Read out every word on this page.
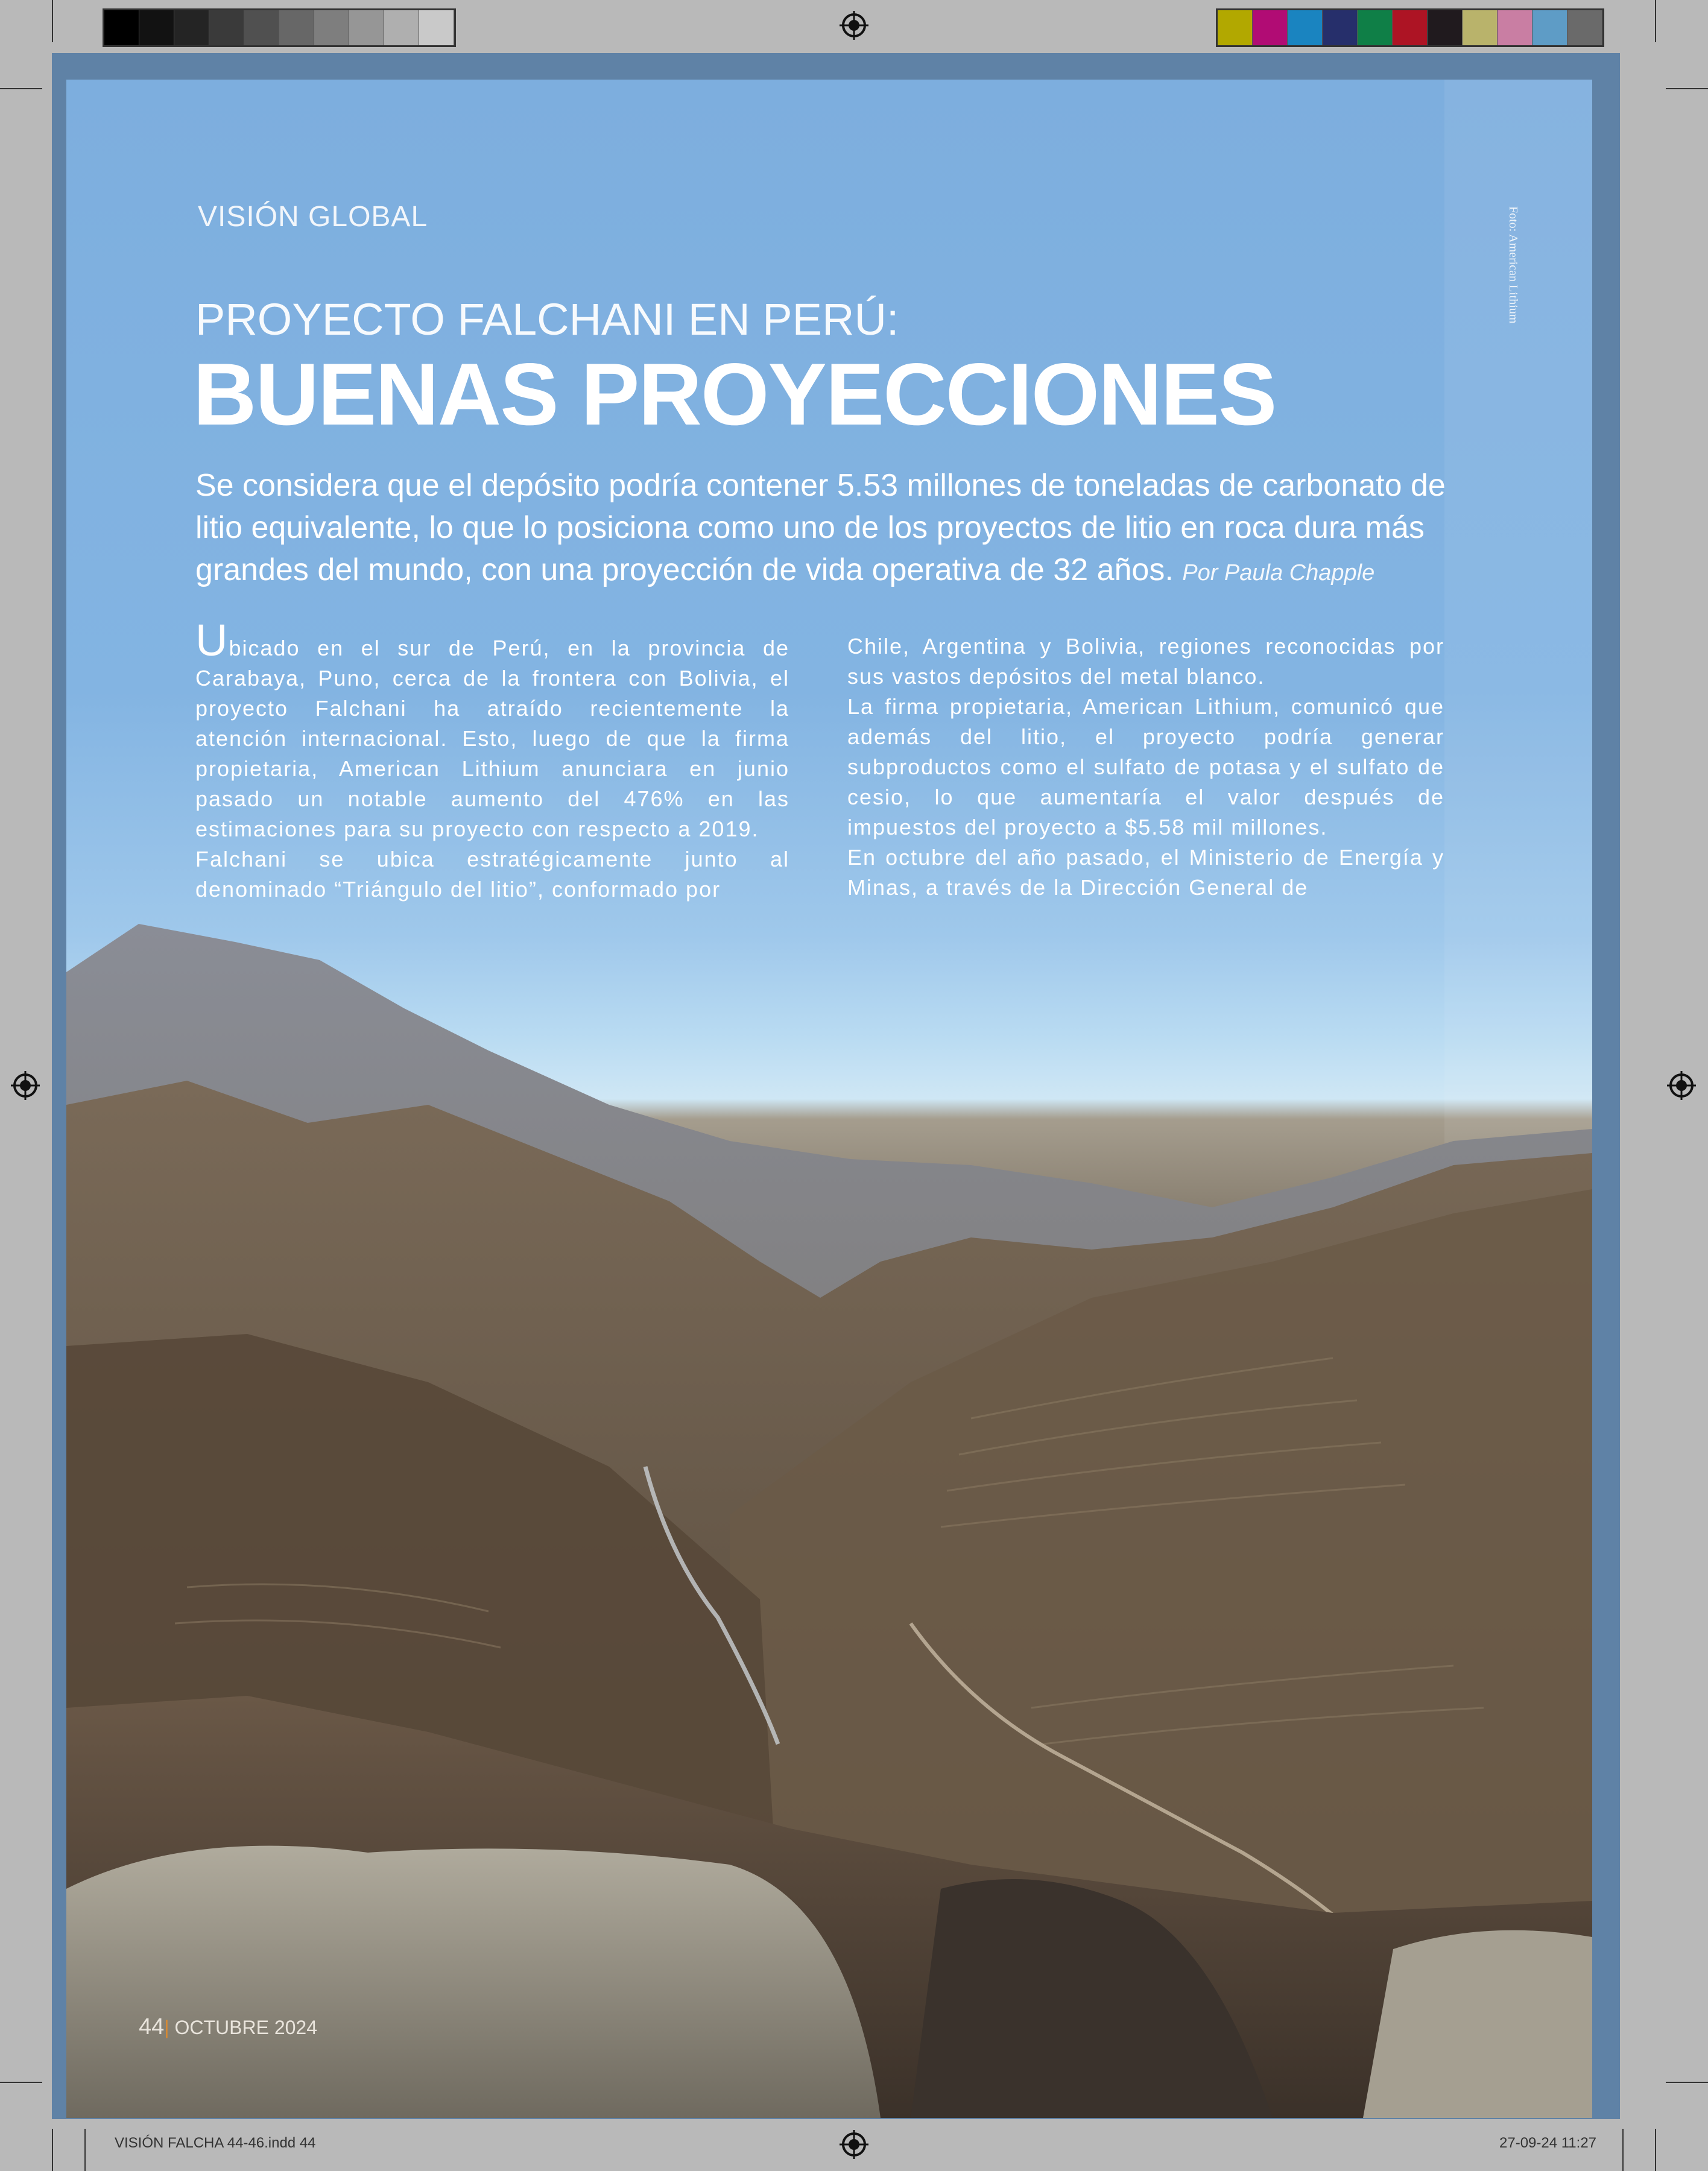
VISIÓN GLOBAL
PROYECTO FALCHANI EN PERÚ:
BUENAS PROYECCIONES
Se considera que el depósito podría contener 5.53 millones de toneladas de carbonato de litio equivalente, lo que lo posiciona como uno de los proyectos de litio en roca dura más grandes del mundo, con una proyección de vida operativa de 32 años. Por Paula Chapple
Foto: American Lithium

Ubicado en el sur de Perú, en la provincia de Carabaya, Puno, cerca de la frontera con Bolivia, el proyecto Falchani ha atraído recientemente la atención internacional. Esto, luego de que la firma propietaria, American Lithium anunciara en junio pasado un notable aumento del 476% en las estimaciones para su proyecto con respecto a 2019.

Falchani se ubica estratégicamente junto al denominado “Triángulo del litio”, conformado por

Chile, Argentina y Bolivia, regiones reconocidas por sus vastos depósitos del metal blanco.

La firma propietaria, American Lithium, comunicó que además del litio, el proyecto podría generar subproductos como el sulfato de potasa y el sulfato de cesio, lo que aumentaría el valor después de impuestos del proyecto a $5.58 mil millones.

En octubre del año pasado, el Ministerio de Energía y Minas, a través de la Dirección General de

44| OCTUBRE 2024
VISIÓN FALCHA 44-46.indd 44	27-09-24 11:27
